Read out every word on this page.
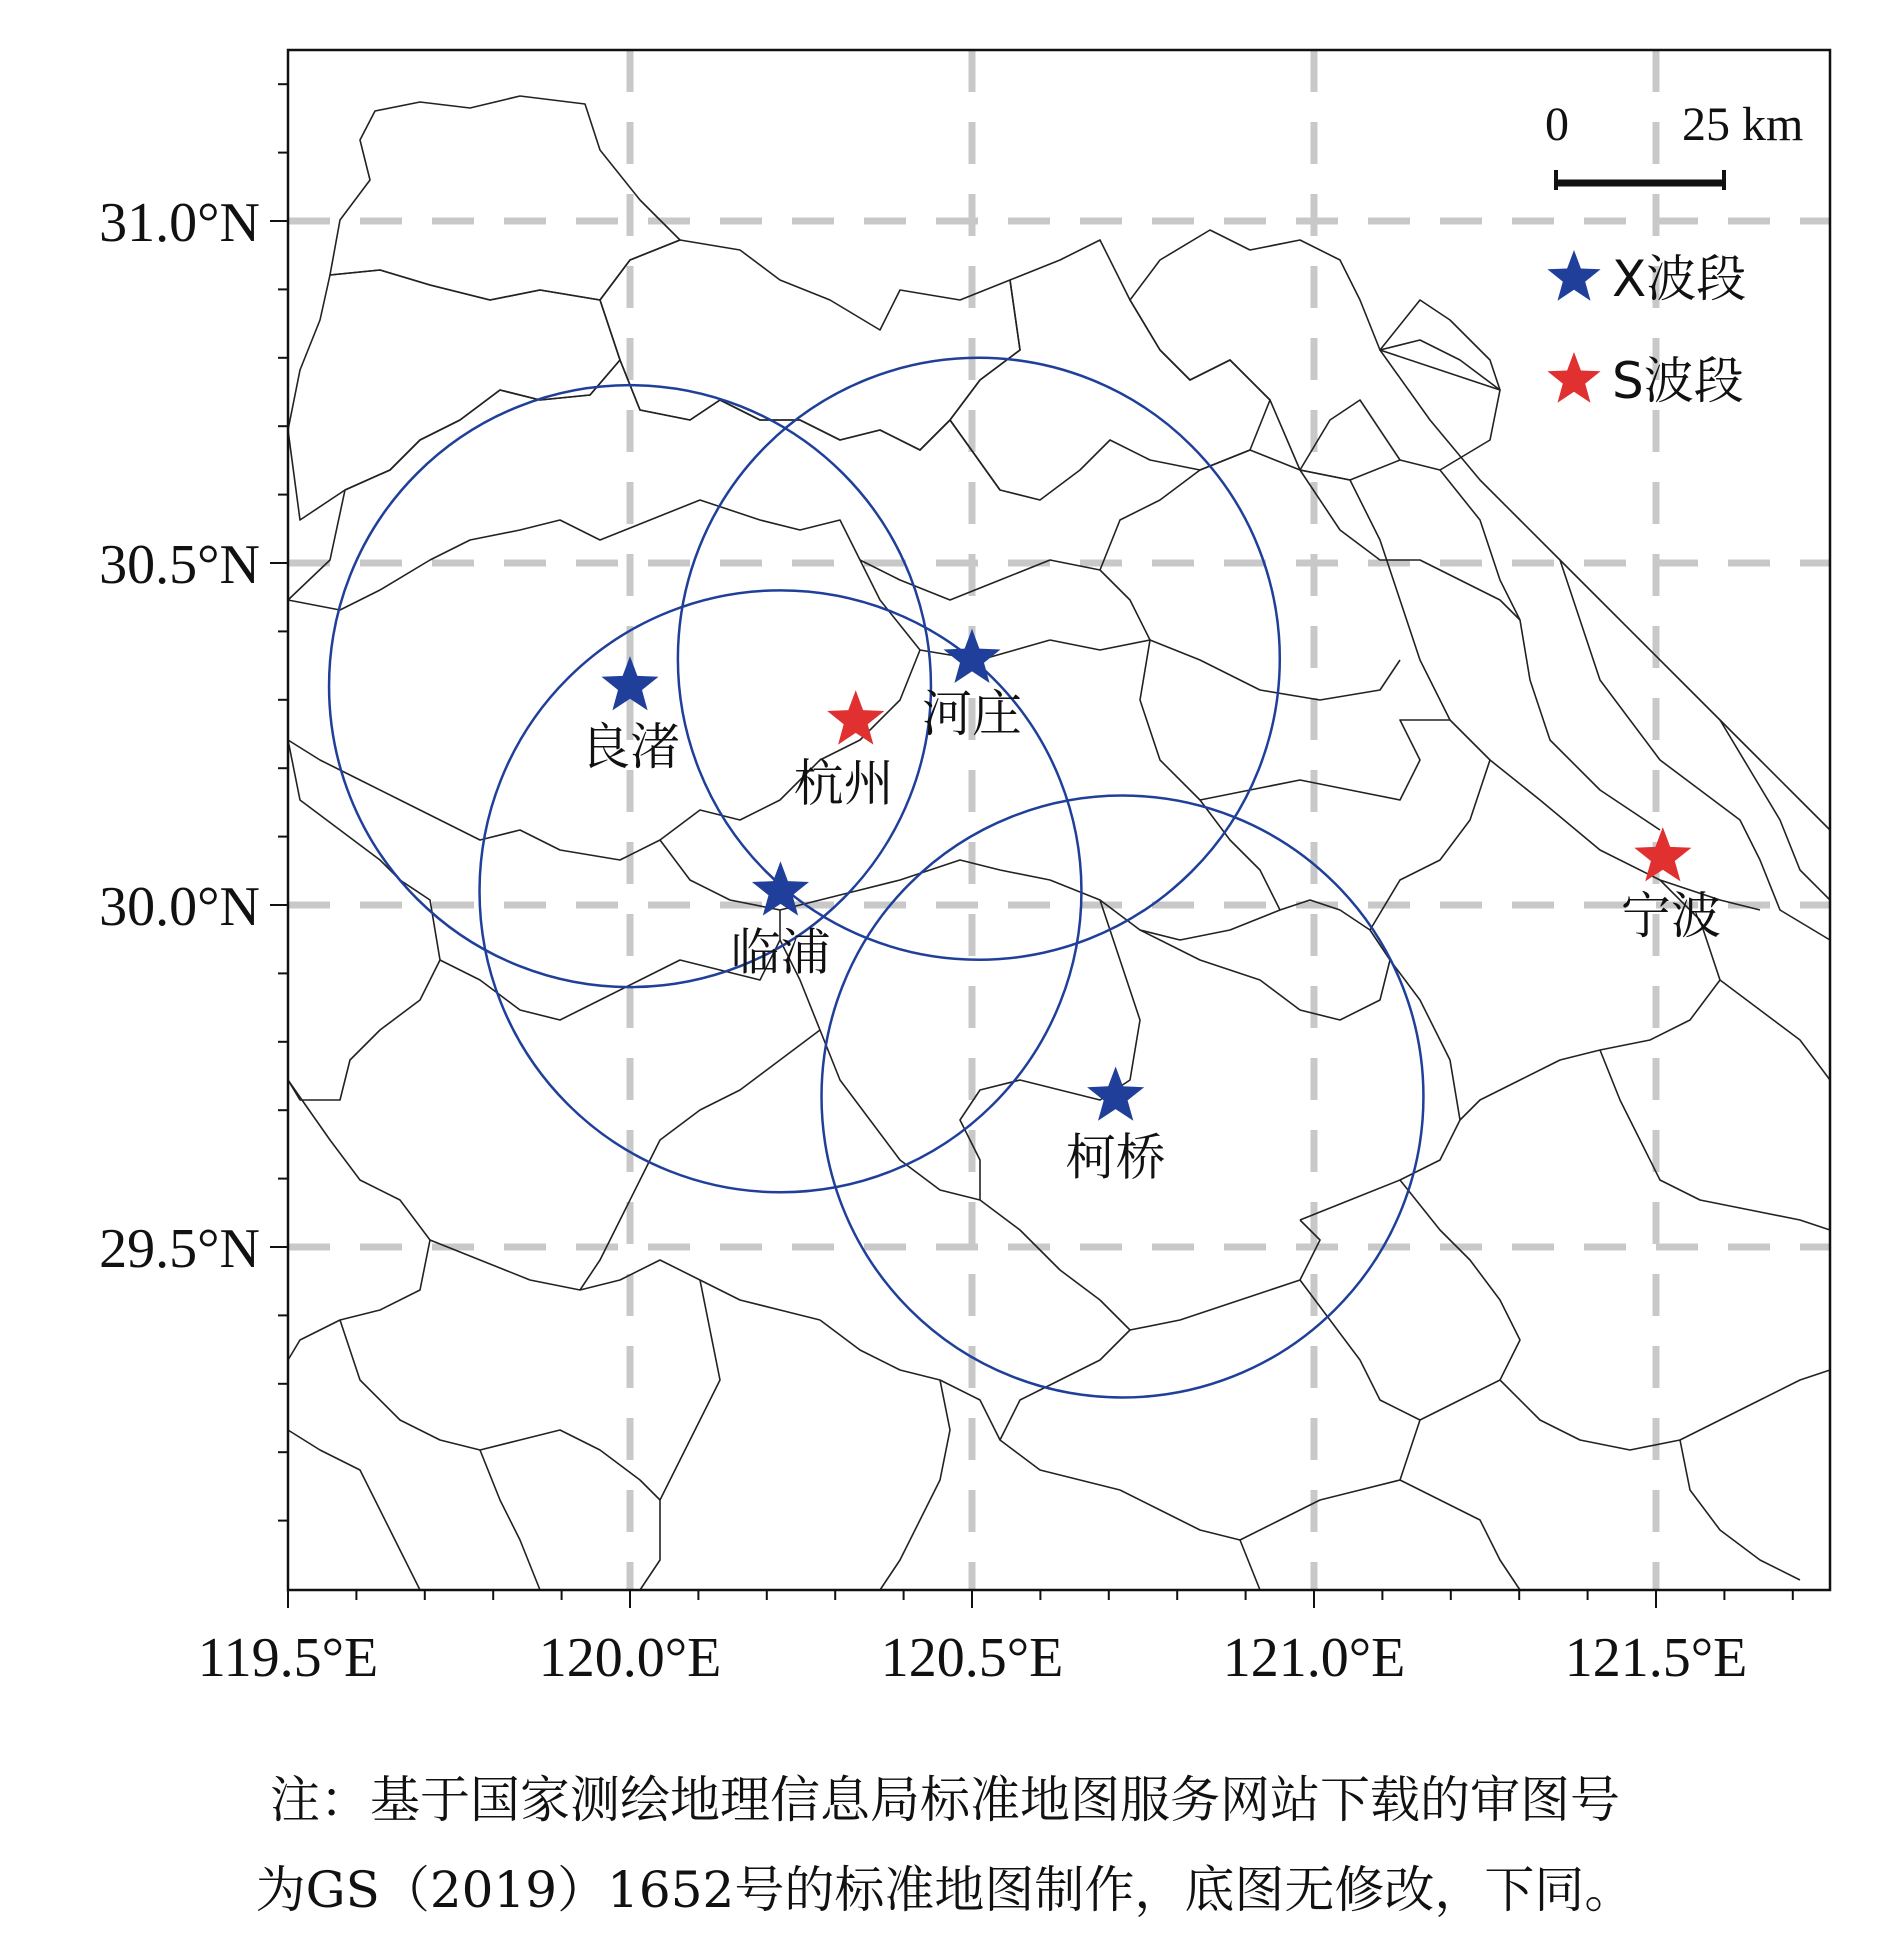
119.5°E	120.0°E	120.5°E	121.0°E	121.5°E
31.0°N
30.5°N
30.0°N
29.5°N
良渚
河庄
临浦
柯桥
杭州
宁波
X波段
S波段
0 25 km
注：基于国家测绘地理信息局标准地图服务网站下载的审图号
为GS（2019）1652号的标准地图制作，底图无修改，下同。
